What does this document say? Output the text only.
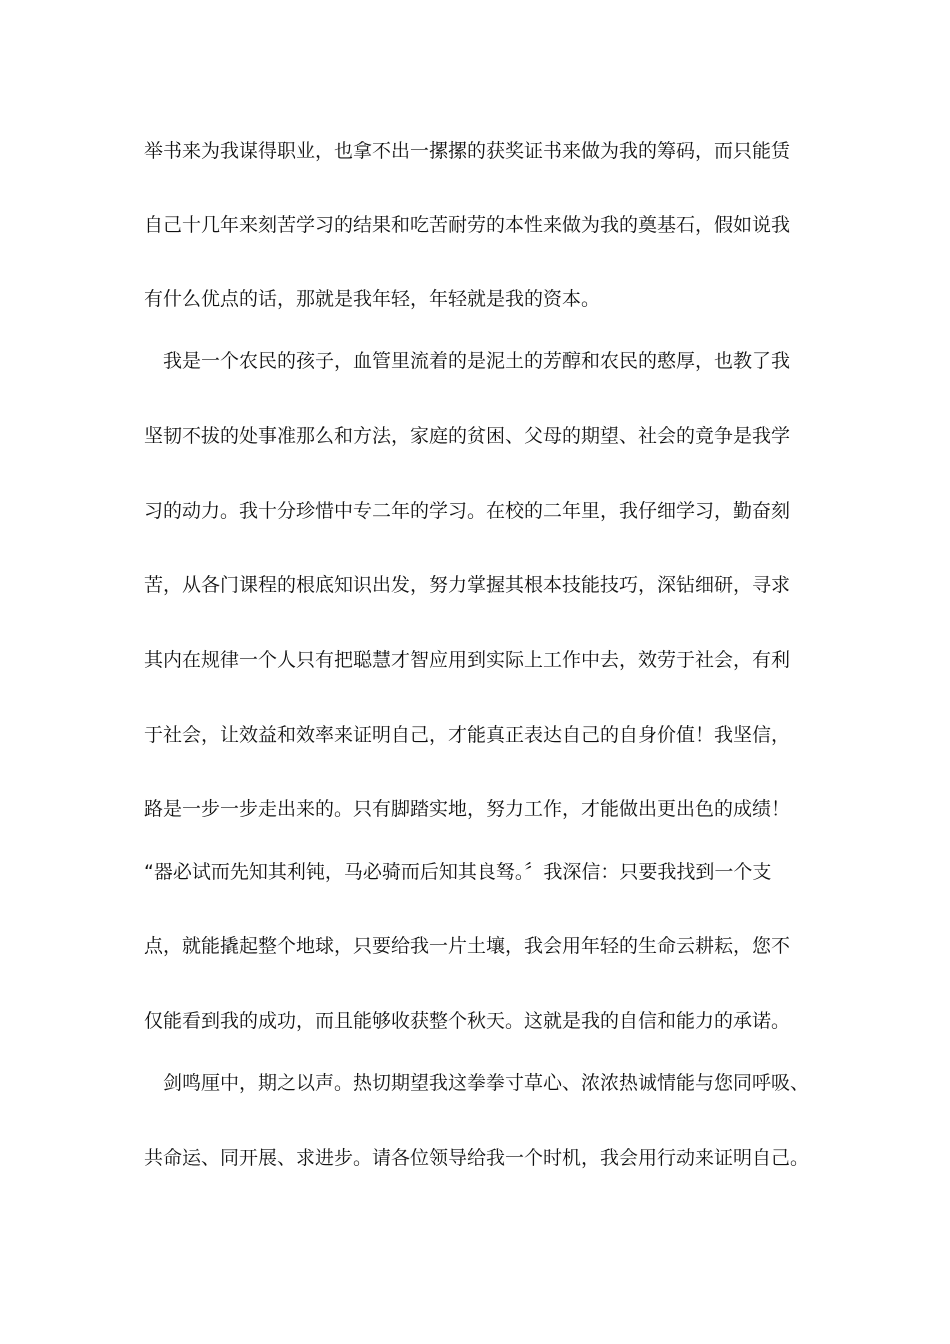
举书来为我谋得职业，也拿不出一摞摞的获奖证书来做为我的筹码，而只能赁
自己十几年来刻苦学习的结果和吃苦耐劳的本性来做为我的奠基石，假如说我
有什么优点的话，那就是我年轻，年轻就是我的资本。
　我是一个农民的孩子，血管里流着的是泥土的芳醇和农民的憨厚，也教了我
坚韧不拔的处事准那么和方法，家庭的贫困、父母的期望、社会的竟争是我学
习的动力。我十分珍惜中专二年的学习。在校的二年里，我仔细学习，勤奋刻
苦，从各门课程的根底知识出发，努力掌握其根本技能技巧，深钻细研，寻求
其内在规律一个人只有把聪慧才智应用到实际上工作中去，效劳于社会，有利
于社会，让效益和效率来证明自己，才能真正表达自己的自身价值！我坚信，
路是一步一步走出来的。只有脚踏实地，努力工作，才能做出更出色的成绩！
“器必试而先知其利钝，马必骑而后知其良驽。〞我深信：只要我找到一个支
点，就能撬起整个地球，只要给我一片土壤，我会用年轻的生命云耕耘，您不
仅能看到我的成功，而且能够收获整个秋天。这就是我的自信和能力的承诺。
　剑鸣厘中，期之以声。热切期望我这拳拳寸草心、浓浓热诚情能与您同呼吸、
共命运、同开展、求进步。请各位领导给我一个时机，我会用行动来证明自己。
